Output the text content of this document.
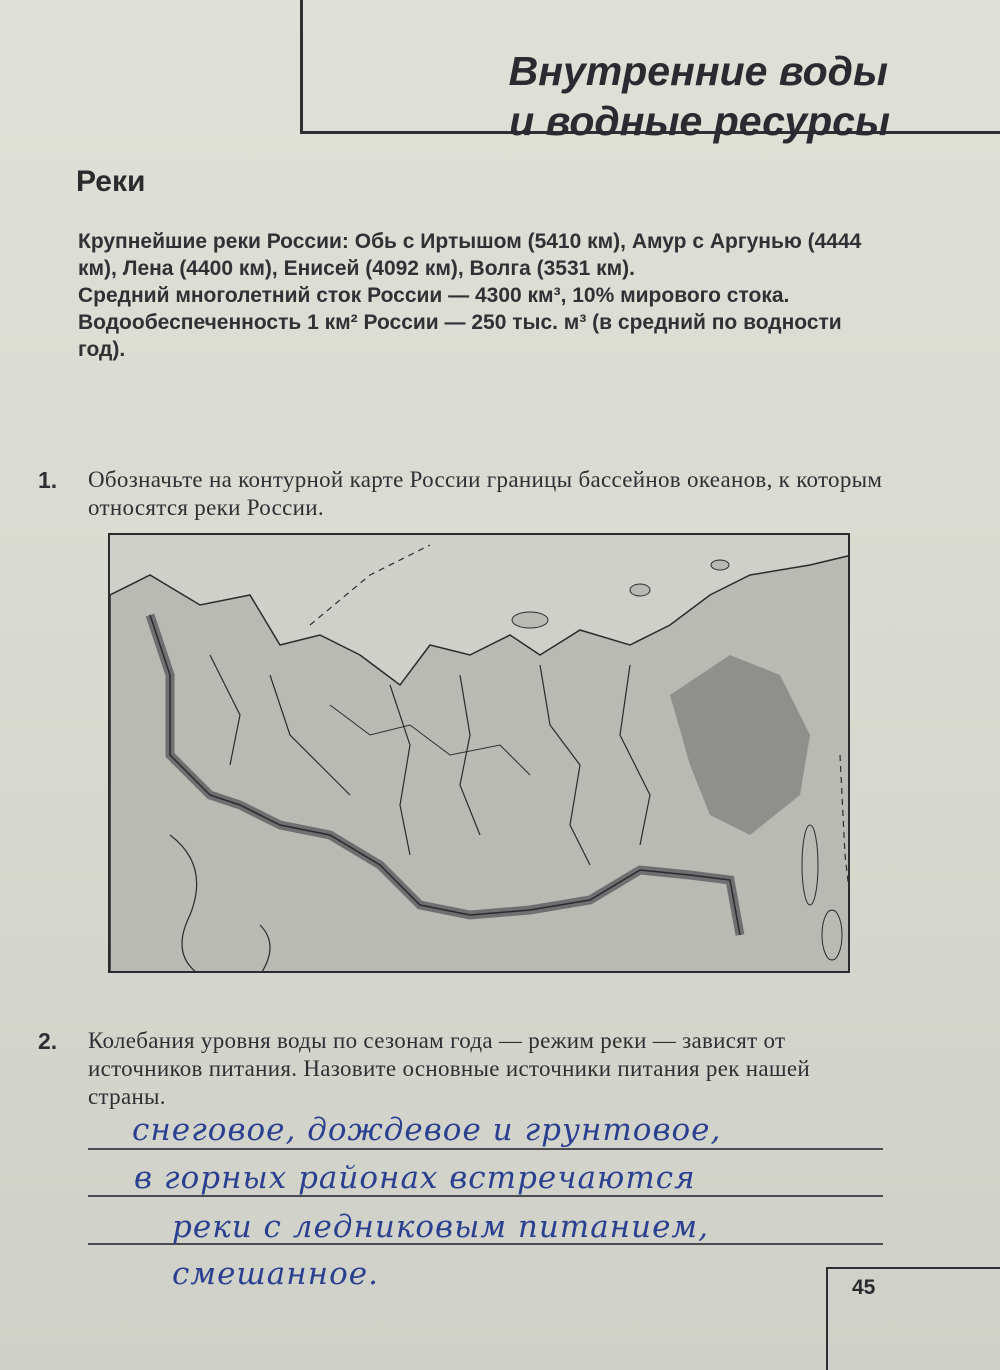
Внутренние воды
и водные ресурсы
Реки

Крупнейшие реки России: Обь с Иртышом (5410 км), Амур с Аргунью (4444 км), Лена (4400 км), Енисей (4092 км), Волга (3531 км).

Средний многолетний сток России — 4300 км³, 10% мирового стока.

Водообеспеченность 1 км² России — 250 тыс. м³ (в средний по водности год).

1. Обозначьте на контурной карте России границы бассейнов океанов, к которым относятся реки России.
2. Колебания уровня воды по сезонам года — режим реки — зависят от источников питания. Назовите основные источники питания рек нашей страны.
снеговое, дождевое и грунтовое,
в горных районах встречаются
реки с ледниковым питанием,
смешанное.	45
